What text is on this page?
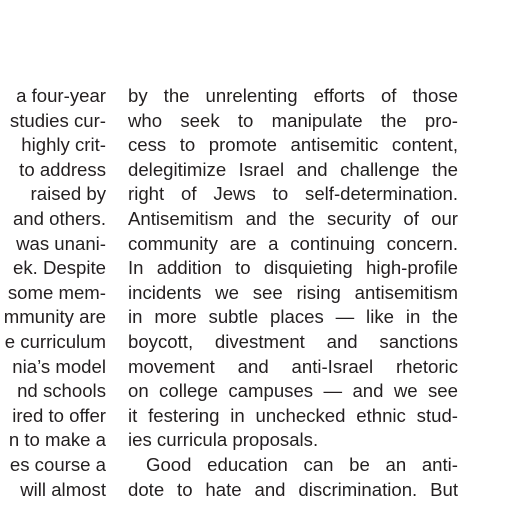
a four-year
studies cur-
highly crit-
to address
raised by
and others.
was unani-
ek. Despite
some mem-
mmunity are
e curriculum
nia’s model
nd schools
ired to offer
n to make a
es course a
will almost
by the unrelenting efforts of those
who seek to manipulate the pro-
cess to promote antisemitic content,
delegitimize Israel and challenge the
right of Jews to self-determination.
Antisemitism and the security of our
community are a continuing concern.
In addition to disquieting high-profile
incidents we see rising antisemitism
in more subtle places — like in the
boycott, divestment and sanctions
movement and anti-Israel rhetoric
on college campuses — and we see
it festering in unchecked ethnic stud-
ies curricula proposals.
Good education can be an anti-
dote to hate and discrimination. But
